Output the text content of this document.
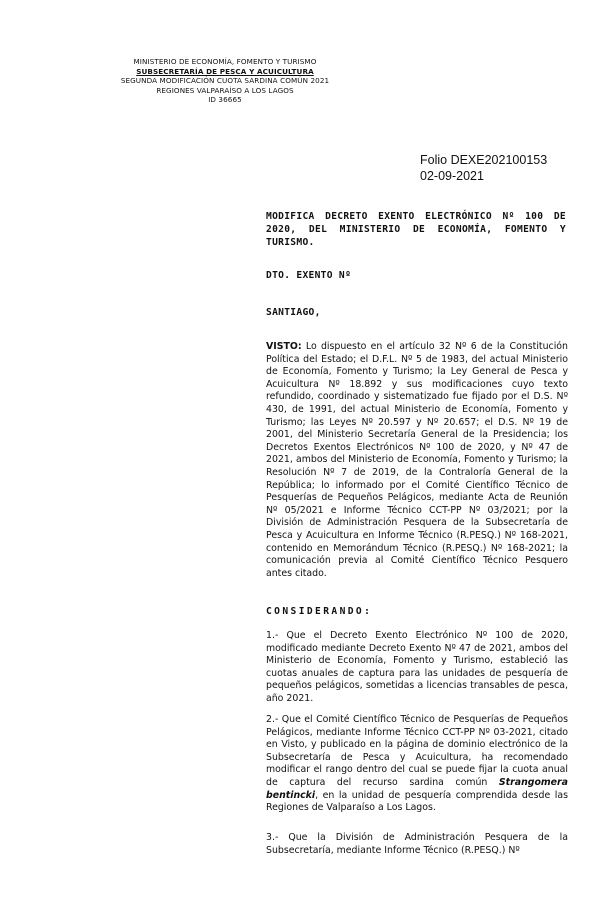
MINISTERIO DE ECONOMÍA, FOMENTO Y TURISMO
SUBSECRETARÍA DE PESCA Y ACUICULTURA
SEGUNDA MODIFICACIÓN CUOTA SARDINA COMÚN 2021
REGIONES VALPARAÍSO A LOS LAGOS
ID 36665
Folio DEXE202100153
02-09-2021
MODIFICA DECRETO EXENTO ELECTRÓNICO Nº 100 DE 2020, DEL MINISTERIO DE ECONOMÍA, FOMENTO Y TURISMO.
DTO. EXENTO Nº
SANTIAGO,
VISTO: Lo dispuesto en el artículo 32 Nº 6 de la Constitución Política del Estado; el D.F.L. Nº 5 de 1983, del actual Ministerio de Economía, Fomento y Turismo; la Ley General de Pesca y Acuicultura Nº 18.892 y sus modificaciones cuyo texto refundido, coordinado y sistematizado fue fijado por el D.S. Nº 430, de 1991, del actual Ministerio de Economía, Fomento y Turismo; las Leyes Nº 20.597 y Nº 20.657; el D.S. Nº 19 de 2001, del Ministerio Secretaría General de la Presidencia; los Decretos Exentos Electrónicos Nº 100 de 2020, y Nº 47 de 2021, ambos del Ministerio de Economía, Fomento y Turismo; la Resolución Nº 7 de 2019, de la Contraloría General de la República; lo informado por el Comité Científico Técnico de Pesquerías de Pequeños Pelágicos, mediante Acta de Reunión Nº 05/2021 e Informe Técnico CCT-PP Nº 03/2021; por la División de Administración Pesquera de la Subsecretaría de Pesca y Acuicultura en Informe Técnico (R.PESQ.) Nº 168-2021, contenido en Memorándum Técnico (R.PESQ.) Nº 168-2021; la comunicación previa al Comité Científico Técnico Pesquero antes citado.
CONSIDERANDO:
1.- Que el Decreto Exento Electrónico Nº 100 de 2020, modificado mediante Decreto Exento Nº 47 de 2021, ambos del Ministerio de Economía, Fomento y Turismo, estableció las cuotas anuales de captura para las unidades de pesquería de pequeños pelágicos, sometidas a licencias transables de pesca, año 2021.
2.- Que el Comité Científico Técnico de Pesquerías de Pequeños Pelágicos, mediante Informe Técnico CCT-PP Nº 03-2021, citado en Visto, y publicado en la página de dominio electrónico de la Subsecretaría de Pesca y Acuicultura, ha recomendado modificar el rango dentro del cual se puede fijar la cuota anual de captura del recurso sardina común Strangomera bentincki, en la unidad de pesquería comprendida desde las Regiones de Valparaíso a Los Lagos.
3.- Que la División de Administración Pesquera de la Subsecretaría, mediante Informe Técnico (R.PESQ.) Nº
